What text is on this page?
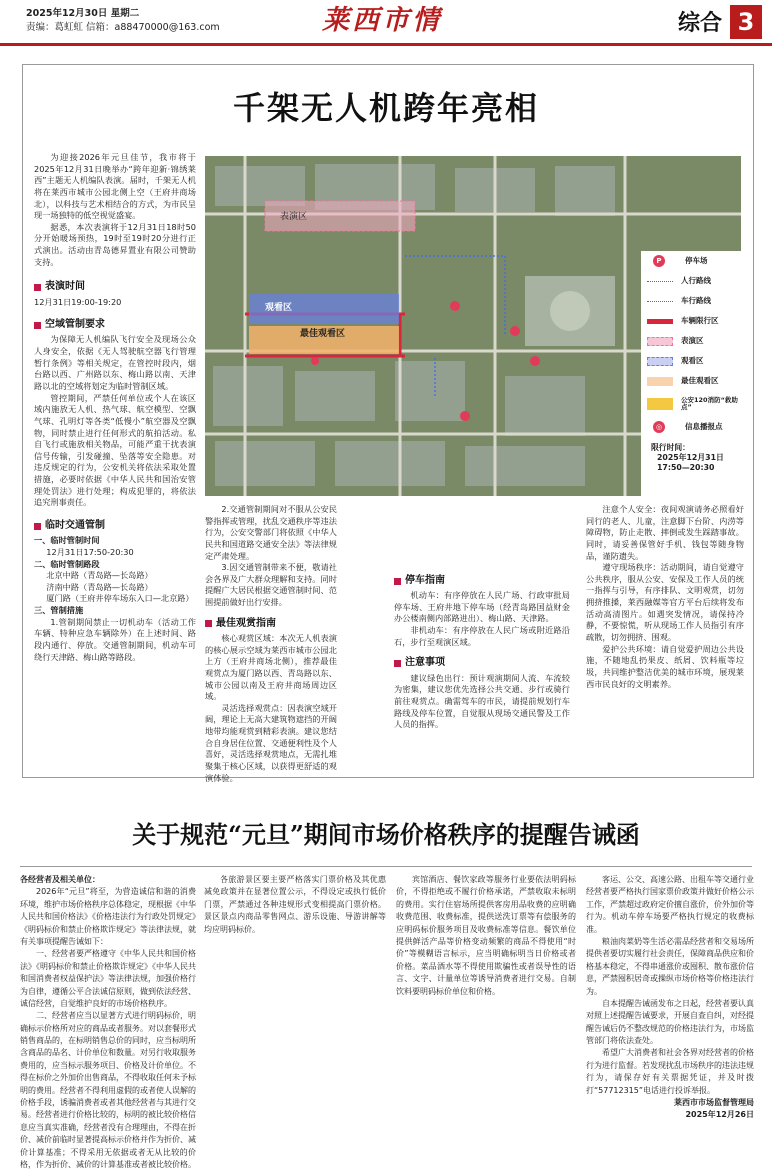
2025年12月30日 星期二
责编：葛虹虹 信箱：a88470000@163.com	莱西市情	综合 3
千架无人机跨年亮相

为迎接2026年元旦佳节，我市将于2025年12月31日晚举办“跨年迎新·锦绣莱西”主题无人机编队表演。届时，千架无人机将在莱西市城市公园北侧上空（王府井商场北），以科技与艺术相结合的方式，为市民呈现一场独特的低空视觉盛宴。

据悉，本次表演将于12月31日18时50分开始暖场预热，19时至19时20分进行正式演出。活动由青岛德昇置业有限公司赞助支持。

表演时间
12月31日19:00-19:20
空域管制要求

为保障无人机编队飞行安全及现场公众人身安全，依据《无人驾驶航空器飞行管理暂行条例》等相关规定，在管控时段内，烟台路以西、广州路以东、梅山路以南、天津路以北的空域将划定为临时管制区域。

管控期间，严禁任何单位或个人在该区域内施放无人机、热气球、航空模型、空飘气球、孔明灯等各类“低慢小”航空器及空飘物，同时禁止进行任何形式的航拍活动。私自飞行或施放相关物品，可能严重干扰表演信号传输，引发碰撞、坠落等安全隐患。对违反规定的行为，公安机关将依法采取处置措施，必要时依据《中华人民共和国治安管理处罚法》进行处理；构成犯罪的，将依法追究刑事责任。

临时交通管制
一、临时管制时间
12月31日17:50-20:30
二、临时管制路段
北京中路（青岛路—长岛路）
济南中路（青岛路—长岛路）
厦门路（王府井停车场东入口—北京路）
三、管制措施

1.管制期间禁止一切机动车（活动工作车辆、特种应急车辆除外）在上述时间、路段内通行、停放。交通管制期间，机动车可绕行天津路、梅山路等路段。

表演区
观看区
最佳观看区
P	停车场
人行路线
车行路线
车辆限行区
表演区
观看区
最佳观看区
公安120消防“救助点”
◎	信息播报点
限行时间：
2025年12月31日 17:50—20:30

2.交通管制期间对不服从公安民警指挥或管理，扰乱交通秩序等违法行为，公安交警部门将依照《中华人民共和国道路交通安全法》等法律规定严肃处理。

3.因交通管制带来不便，敬请社会各界及广大群众理解和支持。同时提醒广大居民根据交通管制时间、范围提前做好出行安排。

最佳观赏指南

核心观赏区域：本次无人机表演的核心展示空域为莱西市城市公园北上方（王府井商场北侧），推荐最佳观赏点为厦门路以西、青岛路以东、城市公园以南及王府井商场周边区域。

灵活选择观赏点：因表演空域开阔，理论上无高大建筑物遮挡的开阔地带均能观赏到精彩表演。建议您结合自身居住位置、交通便利性及个人喜好，灵活选择观赏地点，无需扎堆聚集于核心区域，以获得更舒适的观演体验。

停车指南

机动车：有序停放在人民广场、行政审批局停车场、王府井地下停车场（经青岛路国益财金办公楼南侧内部路进出）、梅山路、天津路。

非机动车：有序停放在人民广场或附近路沿石，步行至观演区域。

注意事项

建议绿色出行：预计观演期间人流、车流较为密集，建议您优先选择公共交通、步行或骑行前往观赏点。确需驾车的市民，请提前规划行车路线及停车位置，自觉服从现场交通民警及工作人员的指挥。

注意个人安全：夜间观演请务必照看好同行的老人、儿童，注意脚下台阶、内涝等障碍物，防止走散、摔倒或发生踩踏事故。同时，请妥善保管好手机、钱包等随身物品，谨防遗失。

遵守现场秩序：活动期间，请自觉遵守公共秩序，服从公安、安保及工作人员的统一指挥与引导，有序排队、文明观赏，切勿拥挤推搡，莱西融媒等官方平台后续将发布活动高清图片。如遇突发情况，请保持冷静，不要惊慌，听从现场工作人员指引有序疏散，切勿拥挤、围观。

爱护公共环境：请自觉爱护周边公共设施，不随地乱扔果皮、纸屑、饮料瓶等垃圾，共同维护整洁优美的城市环境，展现莱西市民良好的文明素养。

关于规范“元旦”期间市场价格秩序的提醒告诫函
各经营者及相关单位：

2026年“元旦”将至，为营造诚信和谐的消费环境，维护市场价格秩序总体稳定，现根据《中华人民共和国价格法》《价格违法行为行政处罚规定》《明码标价和禁止价格欺诈规定》等法律法规，就有关事项提醒告诫如下：

一、经营者要严格遵守《中华人民共和国价格法》《明码标价和禁止价格欺诈规定》《中华人民共和国消费者权益保护法》等法律法规，加强价格行为自律，遵循公平合法诚信原则，做到依法经营、诚信经营，自觉维护良好的市场价格秩序。

二、经营者应当以显著方式进行明码标价，明确标示价格所对应的商品或者服务。对以套餐形式销售商品的，在标明销售总价的同时，应当标明所含商品的品名、计价单位和数量。对另行收取服务费用的，应当标示服务项目、价格及计价单位。不得在标价之外加价出售商品，不得收取任何未予标明的费用。经营者不得利用虚假的或者使人误解的价格手段，诱骗消费者或者其他经营者与其进行交易。经营者进行价格比较的，标明的被比较价格信息应当真实准确，经营者没有合理理由，不得在折价、减价前临时显著提高标示价格并作为折价、减价计算基准；不得采用无依据或者无从比较的价格，作为折价、减价的计算基准或者被比较价格。

各旅游景区要主要严格落实门票价格及其优惠减免政策并在显著位置公示，不得设定或执行低价门票，严禁通过各种违规形式变相提高门票价格。景区景点内商品零售网点、游乐设施、导游讲解等均应明码标价。

宾馆酒店、餐饮家政等服务行业要依法明码标价，不得拒绝或不履行价格承诺，严禁收取未标明的费用。实行住宿场所提供客房用品收费的应明确收费范围、收费标准，提供送洗订票等有偿服务的应明码标价服务项目及收费标准等信息。餐饮单位提供鲜活产品等价格变动频繁的商品不得使用“时价”等模糊语言标示，应当明确标明当日价格或者价格。菜品酒水等不得使用欺骗性或者误导性的语言、文字、计量单位等诱导消费者进行交易。自制饮料要明码标价单位和价格。

客运、公交、高速公路、出租车等交通行业经营者要严格执行国家票价政策并做好价格公示工作，严禁超过政府定价擅自涨价，价外加价等行为。机动车停车场要严格执行规定的收费标准。

粮油肉菜奶等生活必需品经营者和交易场所提供者要切实履行社会责任，保障商品供应和价格基本稳定，不得串通涨价或囤积、散布涨价信息，严禁囤积居奇或操纵市场价格等价格违法行为。

自本提醒告诫函发布之日起，经营者要认真对照上述提醒告诫要求，开展自查自纠，对经提醒告诫后仍不整改规范的价格违法行为，市场监管部门将依法查处。

希望广大消费者和社会各界对经营者的价格行为进行监督。若发现扰乱市场秩序的违法违规行为，请保存好有关票据凭证，并及时拨打“57712315”电话进行投诉举报。

莱西市市场监督管理局

2025年12月26日
